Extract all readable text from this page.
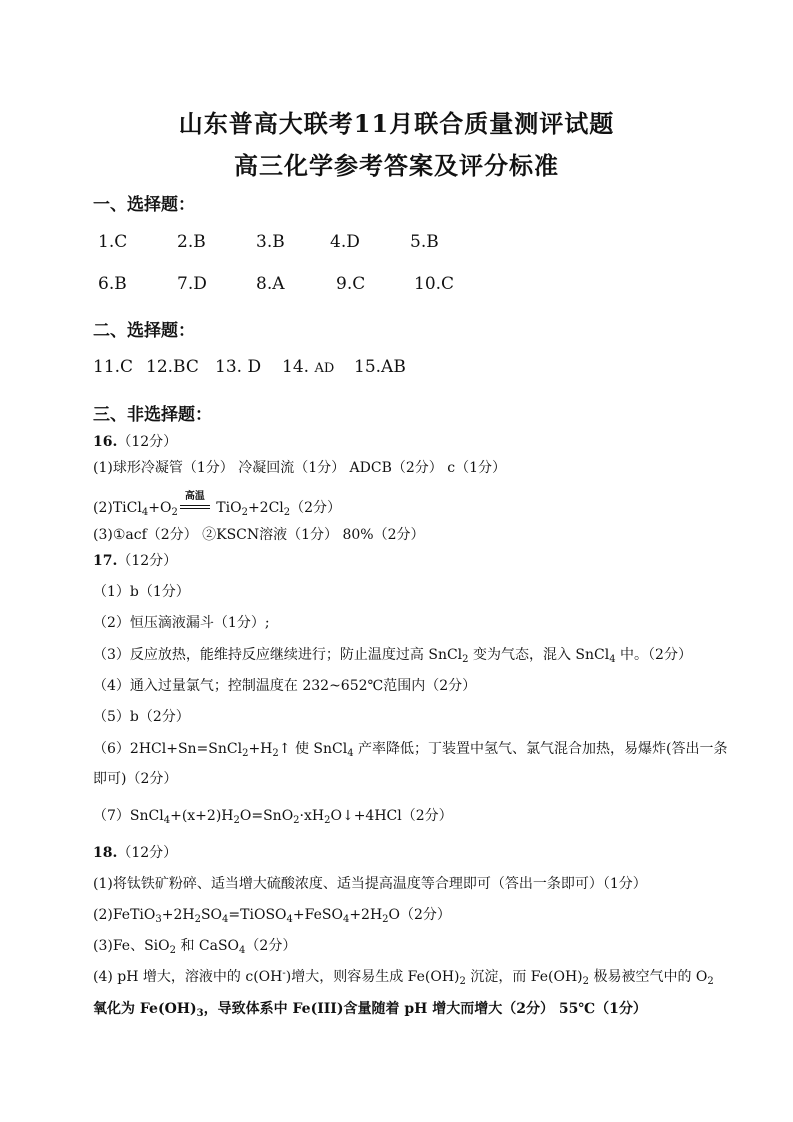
山东普高大联考11月联合质量测评试题
高三化学参考答案及评分标准
一、选择题：
1.C	2.B	3.B	4.D	5.B
6.B	7.D	8.A	9.C	10.C
二、选择题：
11.C 12.BC 13. D 14. AD 15.AB
三、非选择题：
16.（12分）
(1)球形冷凝管（1分） 冷凝回流（1分） ADCB（2分） c（1分）
$(2)TiCl_4+O_2$
高温
$TiO_2+2Cl_2(2$分）
(3)①acf（2分） ②KSCN溶液（1分） 80%（2分）
17.（12分）
（1）b（1分）
（2）恒压滴液漏斗（1分）;
（3）反应放热，能维持反应继续进行；防止温度过高 SnCl$_2$ 变为气态，混入 SnCl$_4$ 中。（2分）
（4）通入过量氯气；控制温度在 232~652℃范围内（2分）
（5）b（2分）
$(6)2HCl+Sn=SnCl_2+H_2↑$ 使 SnCl$_4$ 产率降低；丁装置中氢气、氯气混合加热，易爆炸(答出一条
即可)（2分）
$(7)SnCl_4+(x+2)H_2O=SnO_2\cdot xH_2O↓+4HCl(2$分）
18.（12分）
(1)将钛铁矿粉碎、适当增大硫酸浓度、适当提高温度等合理即可（答出一条即可）（1分）
$(2)FeTiO_3+2H_2SO_4=TiOSO_4+FeSO_4+2H_2O(2$分）
(3)Fe、SiO$_2$ 和 CaSO$_4$（2分）
(4) pH 增大，溶液中的 c(OH-)增大，则容易生成 $Fe(OH)_2$ 沉淀，而 $Fe(OH)_2$ 极易被空气中的 $O_2$
氧化为 $Fe(OH)_3$，导致体系中 Fe(III)含量随着 pH 增大而增大（2分） 55℃（1分）
